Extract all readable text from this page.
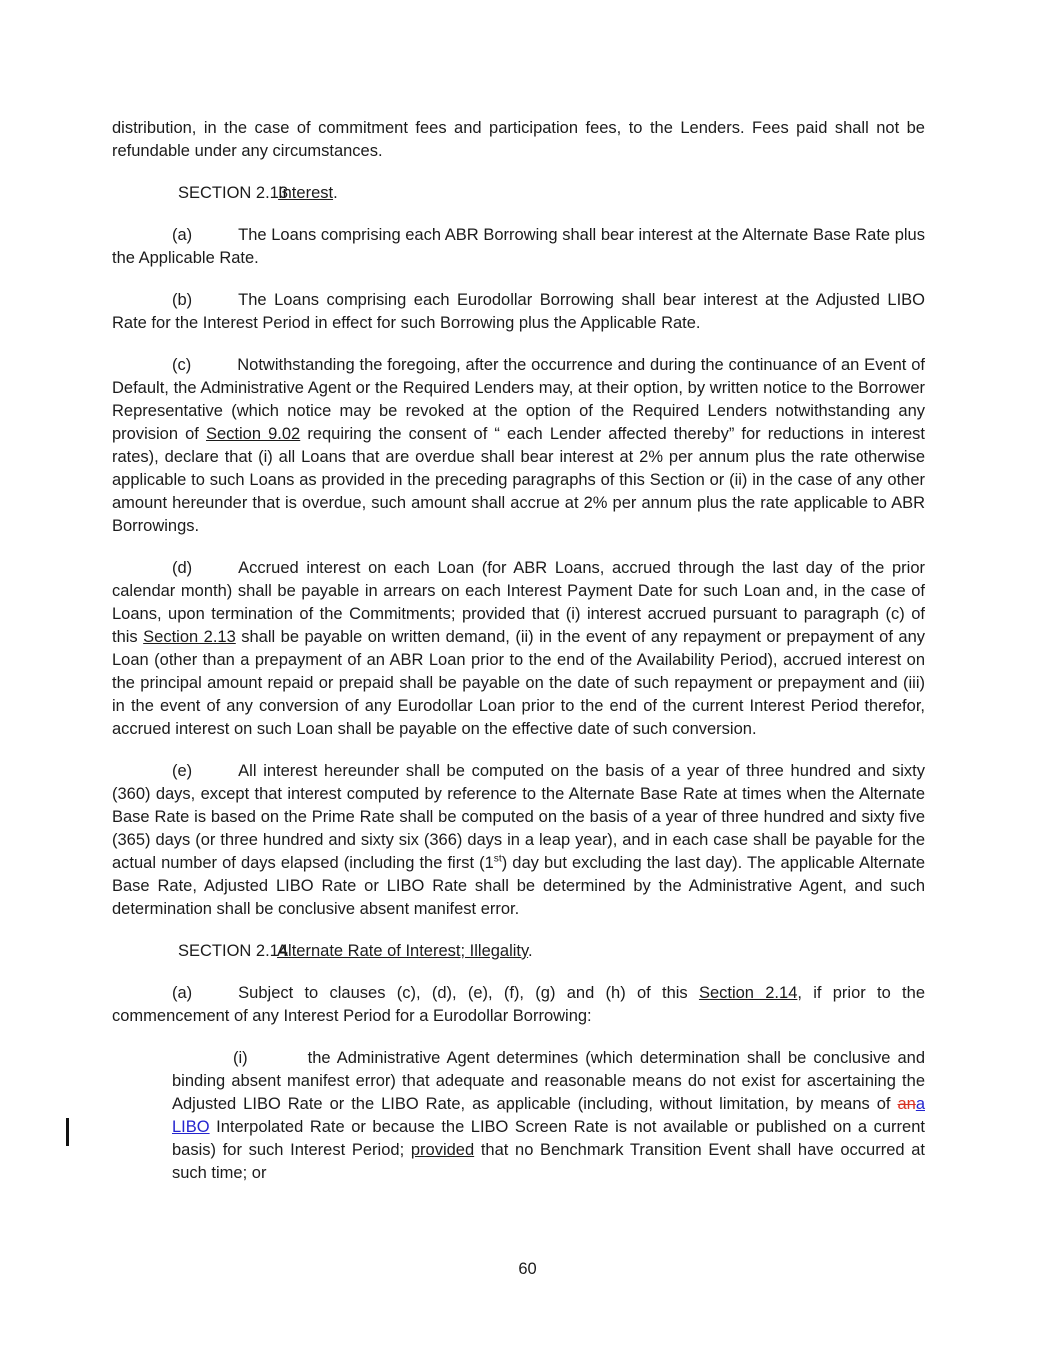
distribution, in the case of commitment fees and participation fees, to the Lenders. Fees paid shall not be refundable under any circumstances.

SECTION 2.13Interest.

(a)	The Loans comprising each ABR Borrowing shall bear interest at the Alternate Base Rate plus the Applicable Rate.

(b)	The Loans comprising each Eurodollar Borrowing shall bear interest at the Adjusted LIBO Rate for the Interest Period in effect for such Borrowing plus the Applicable Rate.

(c)	Notwithstanding the foregoing, after the occurrence and during the continuance of an Event of Default, the Administrative Agent or the Required Lenders may, at their option, by written notice to the Borrower Representative (which notice may be revoked at the option of the Required Lenders notwithstanding any provision of Section 9.02 requiring the consent of “ each Lender affected thereby” for reductions in interest rates), declare that (i) all Loans that are overdue shall bear interest at 2% per annum plus the rate otherwise applicable to such Loans as provided in the preceding paragraphs of this Section or (ii) in the case of any other amount hereunder that is overdue, such amount shall accrue at 2% per annum plus the rate applicable to ABR Borrowings.

(d)	Accrued interest on each Loan (for ABR Loans, accrued through the last day of the prior calendar month) shall be payable in arrears on each Interest Payment Date for such Loan and, in the case of Loans, upon termination of the Commitments; provided that (i) interest accrued pursuant to paragraph (c) of this Section 2.13 shall be payable on written demand, (ii) in the event of any repayment or prepayment of any Loan (other than a prepayment of an ABR Loan prior to the end of the Availability Period), accrued interest on the principal amount repaid or prepaid shall be payable on the date of such repayment or prepayment and (iii) in the event of any conversion of any Eurodollar Loan prior to the end of the current Interest Period therefor, accrued interest on such Loan shall be payable on the effective date of such conversion.

(e)	All interest hereunder shall be computed on the basis of a year of three hundred and sixty (360) days, except that interest computed by reference to the Alternate Base Rate at times when the Alternate Base Rate is based on the Prime Rate shall be computed on the basis of a year of three hundred and sixty five (365) days (or three hundred and sixty six (366) days in a leap year), and in each case shall be payable for the actual number of days elapsed (including the first (1st) day but excluding the last day). The applicable Alternate Base Rate, Adjusted LIBO Rate or LIBO Rate shall be determined by the Administrative Agent, and such determination shall be conclusive absent manifest error.

SECTION 2.14Alternate Rate of Interest; Illegality.

(a)	Subject to clauses (c), (d), (e), (f), (g) and (h) of this Section 2.14, if prior to the commencement of any Interest Period for a Eurodollar Borrowing:

(i)	the Administrative Agent determines (which determination shall be conclusive and binding absent manifest error) that adequate and reasonable means do not exist for ascertaining the Adjusted LIBO Rate or the LIBO Rate, as applicable (including, without limitation, by means of ana LIBO Interpolated Rate or because the LIBO Screen Rate is not available or published on a current basis) for such Interest Period; provided that no Benchmark Transition Event shall have occurred at such time; or

60
